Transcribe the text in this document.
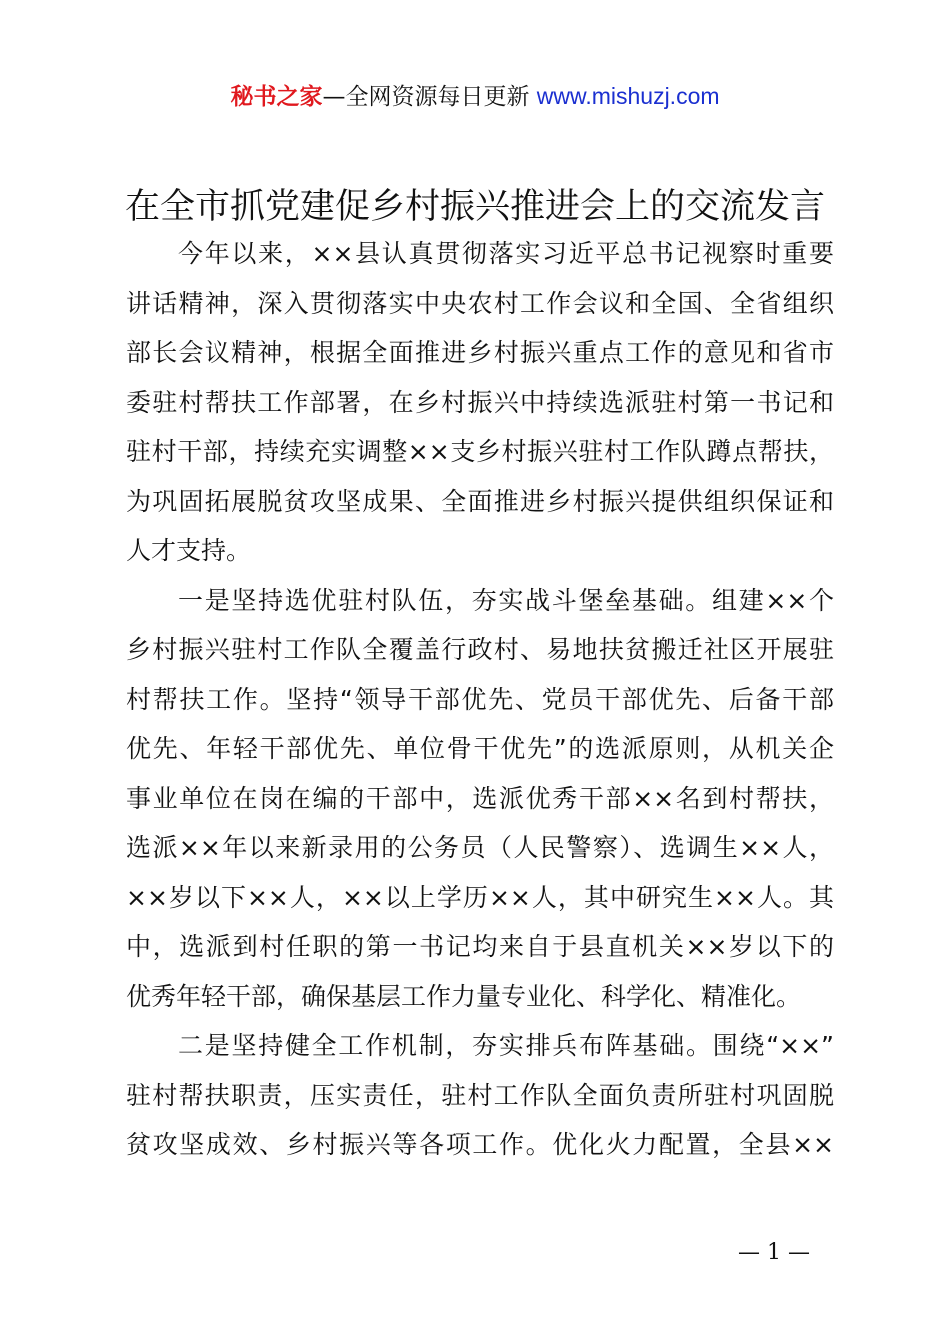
秘书之家—全网资源每日更新 www.mishuzj.com
在全市抓党建促乡村振兴推进会上的交流发言
今年以来，××县认真贯彻落实习近平总书记视察时重要
讲话精神，深入贯彻落实中央农村工作会议和全国、全省组织
部长会议精神，根据全面推进乡村振兴重点工作的意见和省市
委驻村帮扶工作部署，在乡村振兴中持续选派驻村第一书记和
驻村干部，持续充实调整××支乡村振兴驻村工作队蹲点帮扶，
为巩固拓展脱贫攻坚成果、全面推进乡村振兴提供组织保证和
人才支持。
一是坚持选优驻村队伍，夯实战斗堡垒基础。组建××个
乡村振兴驻村工作队全覆盖行政村、易地扶贫搬迁社区开展驻
村帮扶工作。坚持“领导干部优先、党员干部优先、后备干部
优先、年轻干部优先、单位骨干优先”的选派原则，从机关企
事业单位在岗在编的干部中，选派优秀干部××名到村帮扶，
选派××年以来新录用的公务员（人民警察）、选调生××人，
××岁以下××人，××以上学历××人，其中研究生××人。其
中，选派到村任职的第一书记均来自于县直机关××岁以下的
优秀年轻干部，确保基层工作力量专业化、科学化、精准化。
二是坚持健全工作机制，夯实排兵布阵基础。围绕“××”
驻村帮扶职责，压实责任，驻村工作队全面负责所驻村巩固脱
贫攻坚成效、乡村振兴等各项工作。优化火力配置，全县××
— 1 —
